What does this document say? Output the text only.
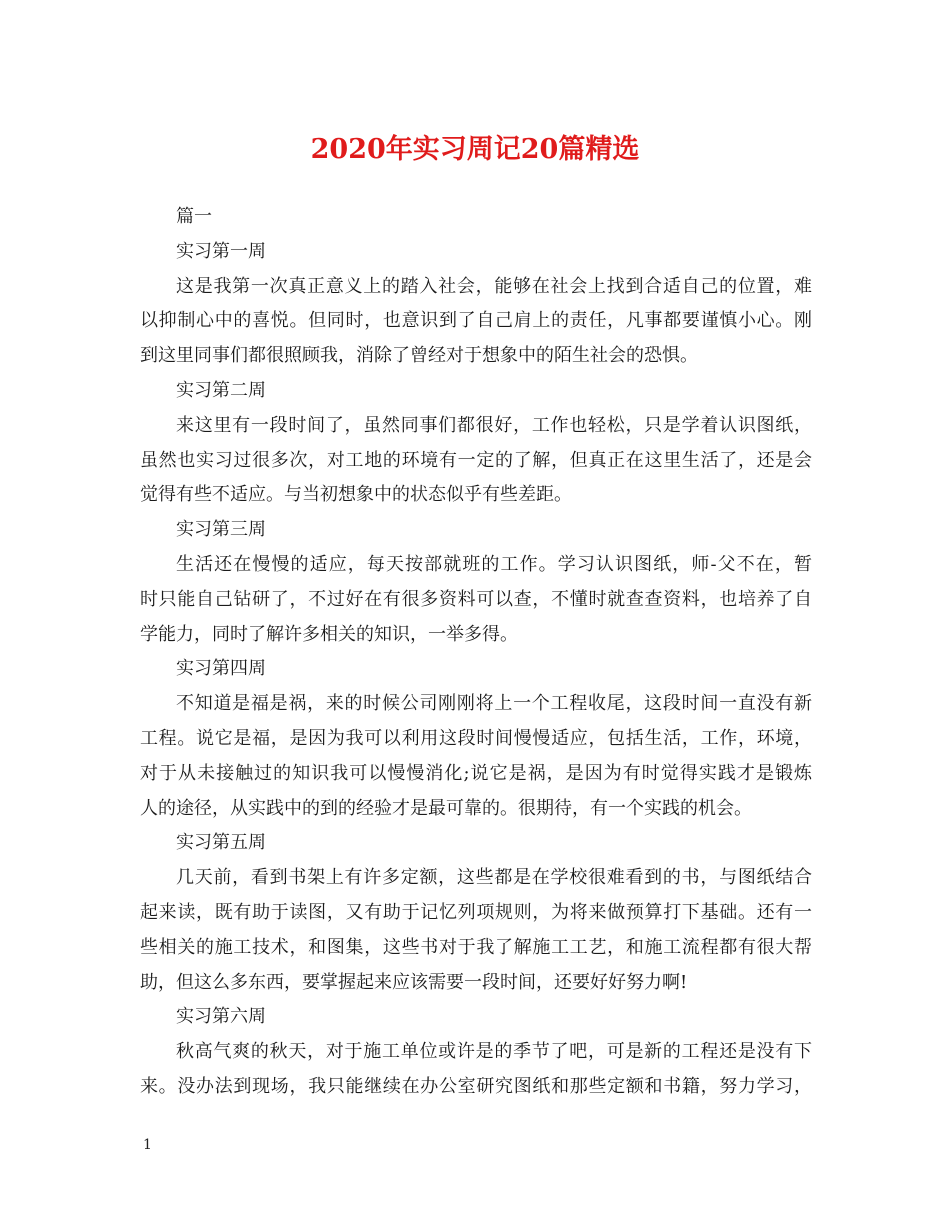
2020年实习周记20篇精选

篇一

实习第一周

这是我第一次真正意义上的踏入社会，能够在社会上找到合适自己的位置，难

以抑制心中的喜悦。但同时，也意识到了自己肩上的责任，凡事都要谨慎小心。刚

到这里同事们都很照顾我，消除了曾经对于想象中的陌生社会的恐惧。

实习第二周

来这里有一段时间了，虽然同事们都很好，工作也轻松，只是学着认识图纸，

虽然也实习过很多次，对工地的环境有一定的了解，但真正在这里生活了，还是会

觉得有些不适应。与当初想象中的状态似乎有些差距。

实习第三周

生活还在慢慢的适应，每天按部就班的工作。学习认识图纸，师-父不在，暂

时只能自己钻研了，不过好在有很多资料可以查，不懂时就查查资料，也培养了自

学能力，同时了解许多相关的知识，一举多得。

实习第四周

不知道是福是祸，来的时候公司刚刚将上一个工程收尾，这段时间一直没有新

工程。说它是福，是因为我可以利用这段时间慢慢适应，包括生活，工作，环境，

对于从未接触过的知识我可以慢慢消化;说它是祸，是因为有时觉得实践才是锻炼

人的途径，从实践中的到的经验才是最可靠的。很期待，有一个实践的机会。

实习第五周

几天前，看到书架上有许多定额，这些都是在学校很难看到的书，与图纸结合

起来读，既有助于读图，又有助于记忆列项规则，为将来做预算打下基础。还有一

些相关的施工技术，和图集，这些书对于我了解施工工艺，和施工流程都有很大帮

助，但这么多东西，要掌握起来应该需要一段时间，还要好好努力啊!

实习第六周

秋高气爽的秋天，对于施工单位或许是的季节了吧，可是新的工程还是没有下

来。没办法到现场，我只能继续在办公室研究图纸和那些定额和书籍，努力学习，

1
